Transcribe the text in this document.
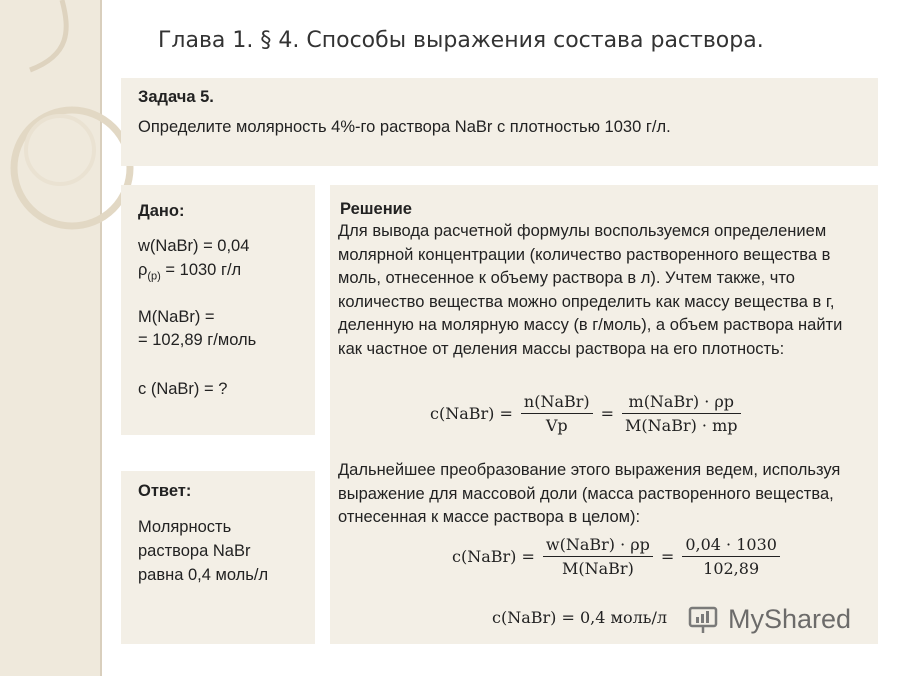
Глава 1. § 4. Способы выражения состава раствора.
Задача 5.
Определите молярность 4%-го раствора NaBr с плотностью 1030 г/л.
Дано:
w(NaBr) = 0,04
$\rho_{(р)} = 1030$ г/л
M(NaBr) =
= 102,89 г/моль
c (NaBr) = ?
Ответ:
Молярность
раствора NaBr
равна 0,4 моль/л
Решение
Для вывода расчетной формулы воспользуемся определением молярной концентрации (количество растворенного вещества в моль, отнесенное к объему раствора в л). Учтем также, что количество вещества можно определить как массу вещества в г, деленную на молярную массу (в г/моль), а объем раствора найти как частное от деления массы раствора на его плотность:
c(NaBr) = $\frac{\text{n(NaBr)}}{Vр} = \frac{\text{m(NaBr) · ρр}}{\text{M(NaBr) · mр}}$
Дальнейшее преобразование этого выражения ведем, используя выражение для массовой доли (масса растворенного вещества, отнесенная к массе раствора в целом):
c(NaBr) = $\frac{\text{w(NaBr) · ρр}}{\text{M(NaBr)}} = \frac{0,04 \cdot 1030}{102,89}$
c(NaBr) = 0,4 моль/л MyShared
